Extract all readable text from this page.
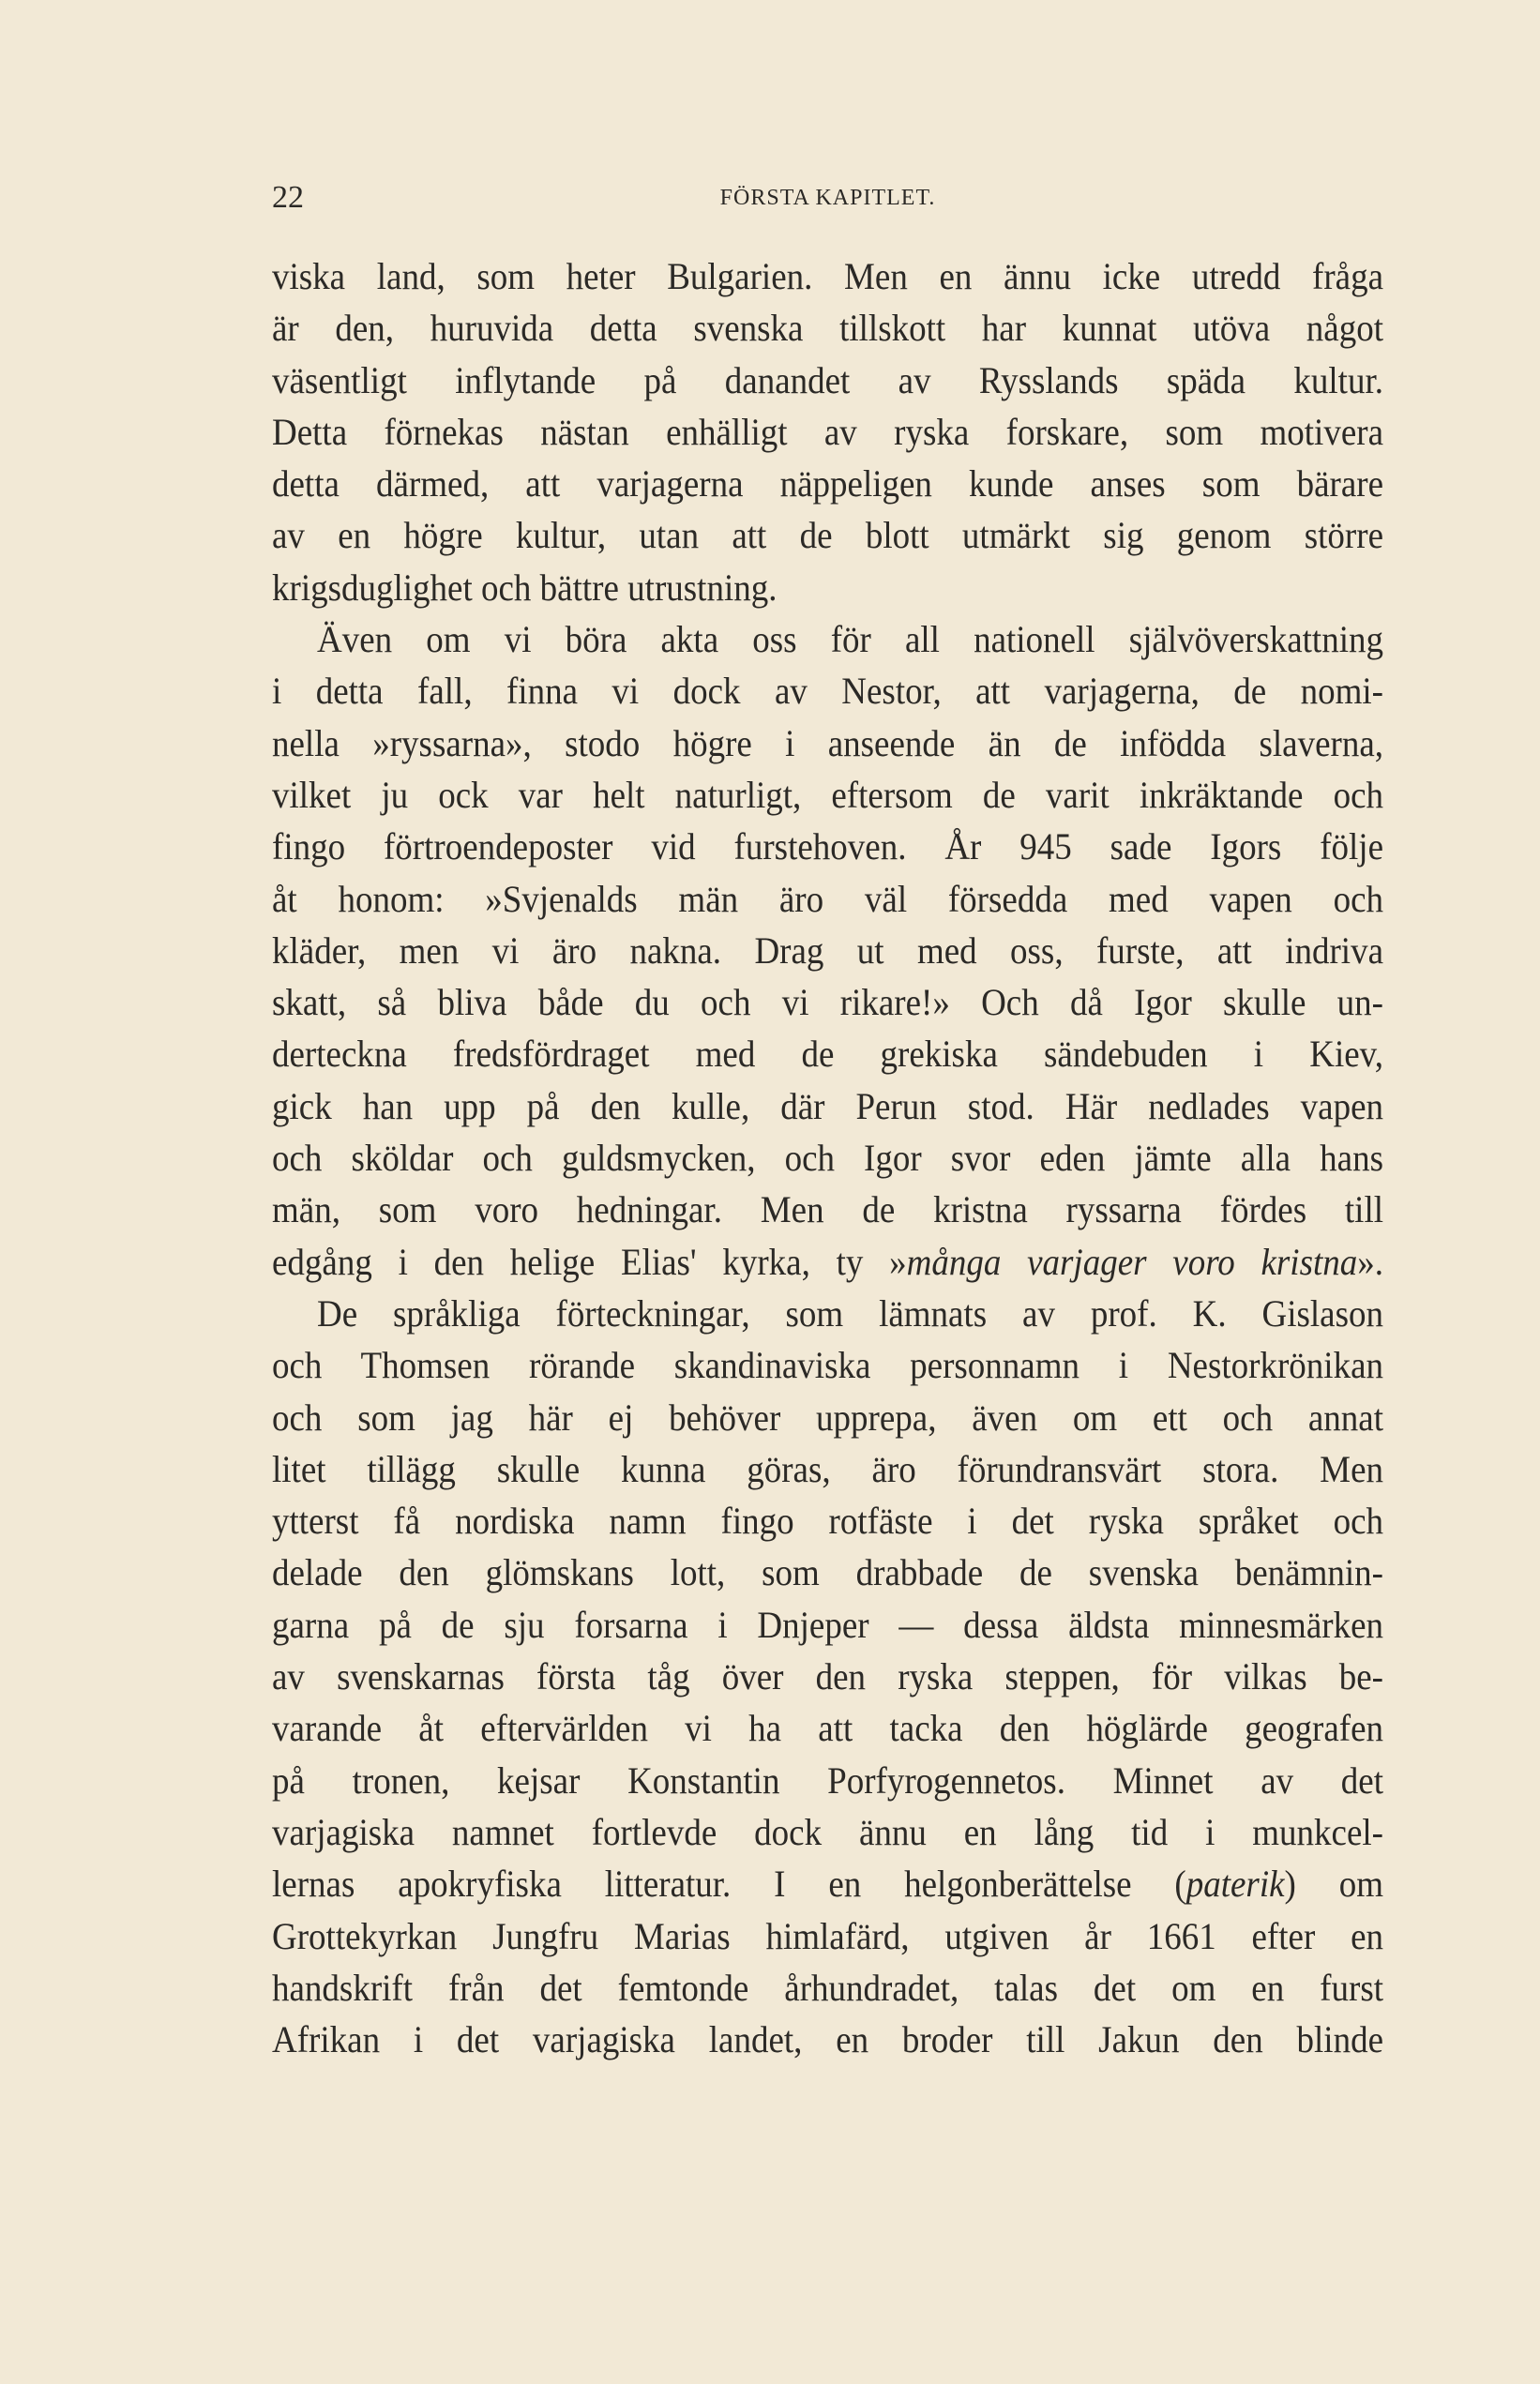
22	FÖRSTA KAPITLET.
viska land, som heter Bulgarien. Men en ännu icke utredd fråga
är den, huruvida detta svenska tillskott har kunnat utöva något
väsentligt inflytande på danandet av Rysslands späda kultur.
Detta förnekas nästan enhälligt av ryska forskare, som motivera
detta därmed, att varjagerna näppeligen kunde anses som bärare
av en högre kultur, utan att de blott utmärkt sig genom större
krigsduglighet och bättre utrustning.
Även om vi böra akta oss för all nationell självöverskattning
i detta fall, finna vi dock av Nestor, att varjagerna, de nomi-
nella »ryssarna», stodo högre i anseende än de infödda slaverna,
vilket ju ock var helt naturligt, eftersom de varit inkräktande och
fingo förtroendeposter vid furstehoven. År 945 sade Igors följe
åt honom: »Svjenalds män äro väl försedda med vapen och
kläder, men vi äro nakna. Drag ut med oss, furste, att indriva
skatt, så bliva både du och vi rikare!» Och då Igor skulle un-
derteckna fredsfördraget med de grekiska sändebuden i Kiev,
gick han upp på den kulle, där Perun stod. Här nedlades vapen
och sköldar och guldsmycken, och Igor svor eden jämte alla hans
män, som voro hedningar. Men de kristna ryssarna fördes till
edgång i den helige Elias' kyrka, ty »många varjager voro kristna».
De språkliga förteckningar, som lämnats av prof. K. Gislason
och Thomsen rörande skandinaviska personnamn i Nestorkrönikan
och som jag här ej behöver upprepa, även om ett och annat
litet tillägg skulle kunna göras, äro förundransvärt stora. Men
ytterst få nordiska namn fingo rotfäste i det ryska språket och
delade den glömskans lott, som drabbade de svenska benämnin-
garna på de sju forsarna i Dnjeper — dessa äldsta minnesmärken
av svenskarnas första tåg över den ryska steppen, för vilkas be-
varande åt eftervärlden vi ha att tacka den höglärde geografen
på tronen, kejsar Konstantin Porfyrogennetos. Minnet av det
varjagiska namnet fortlevde dock ännu en lång tid i munkcel-
lernas apokryfiska litteratur. I en helgonberättelse (paterik) om
Grottekyrkan Jungfru Marias himlafärd, utgiven år 1661 efter en
handskrift från det femtonde århundradet, talas det om en furst
Afrikan i det varjagiska landet, en broder till Jakun den blinde
